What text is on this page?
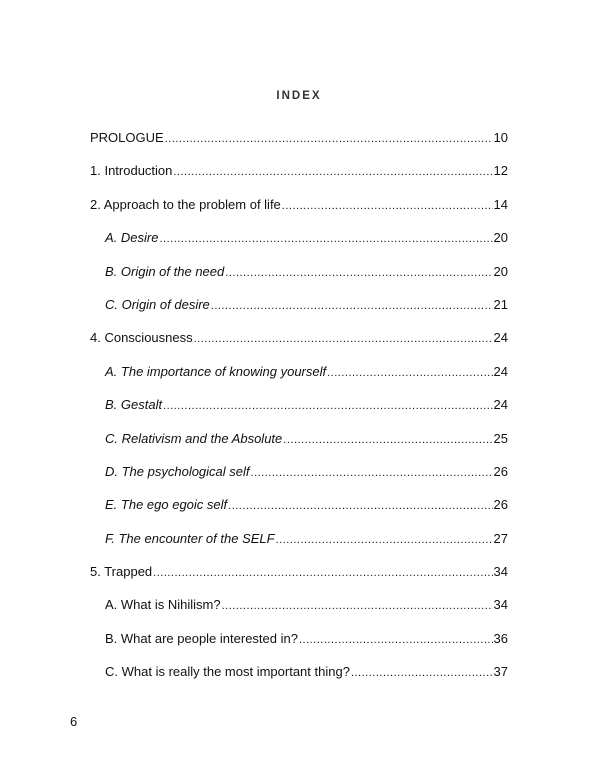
INDEX
PROLOGUE .....	10
1. Introduction .....	12
2. Approach to the problem of life .....	14
A. Desire .....	20
B. Origin of the need .....	20
C. Origin of desire .....	21
4. Consciousness .....	24
A. The importance of knowing yourself .....	24
B. Gestalt .....	24
C. Relativism and the Absolute .....	25
D. The psychological self .....	26
E. The ego egoic self .....	26
F. The encounter of the SELF .....	27
5. Trapped .....	34
A. What is Nihilism? .....	34
B. What are people interested in? .....	36
C. What is really the most important thing? .....	37
6
